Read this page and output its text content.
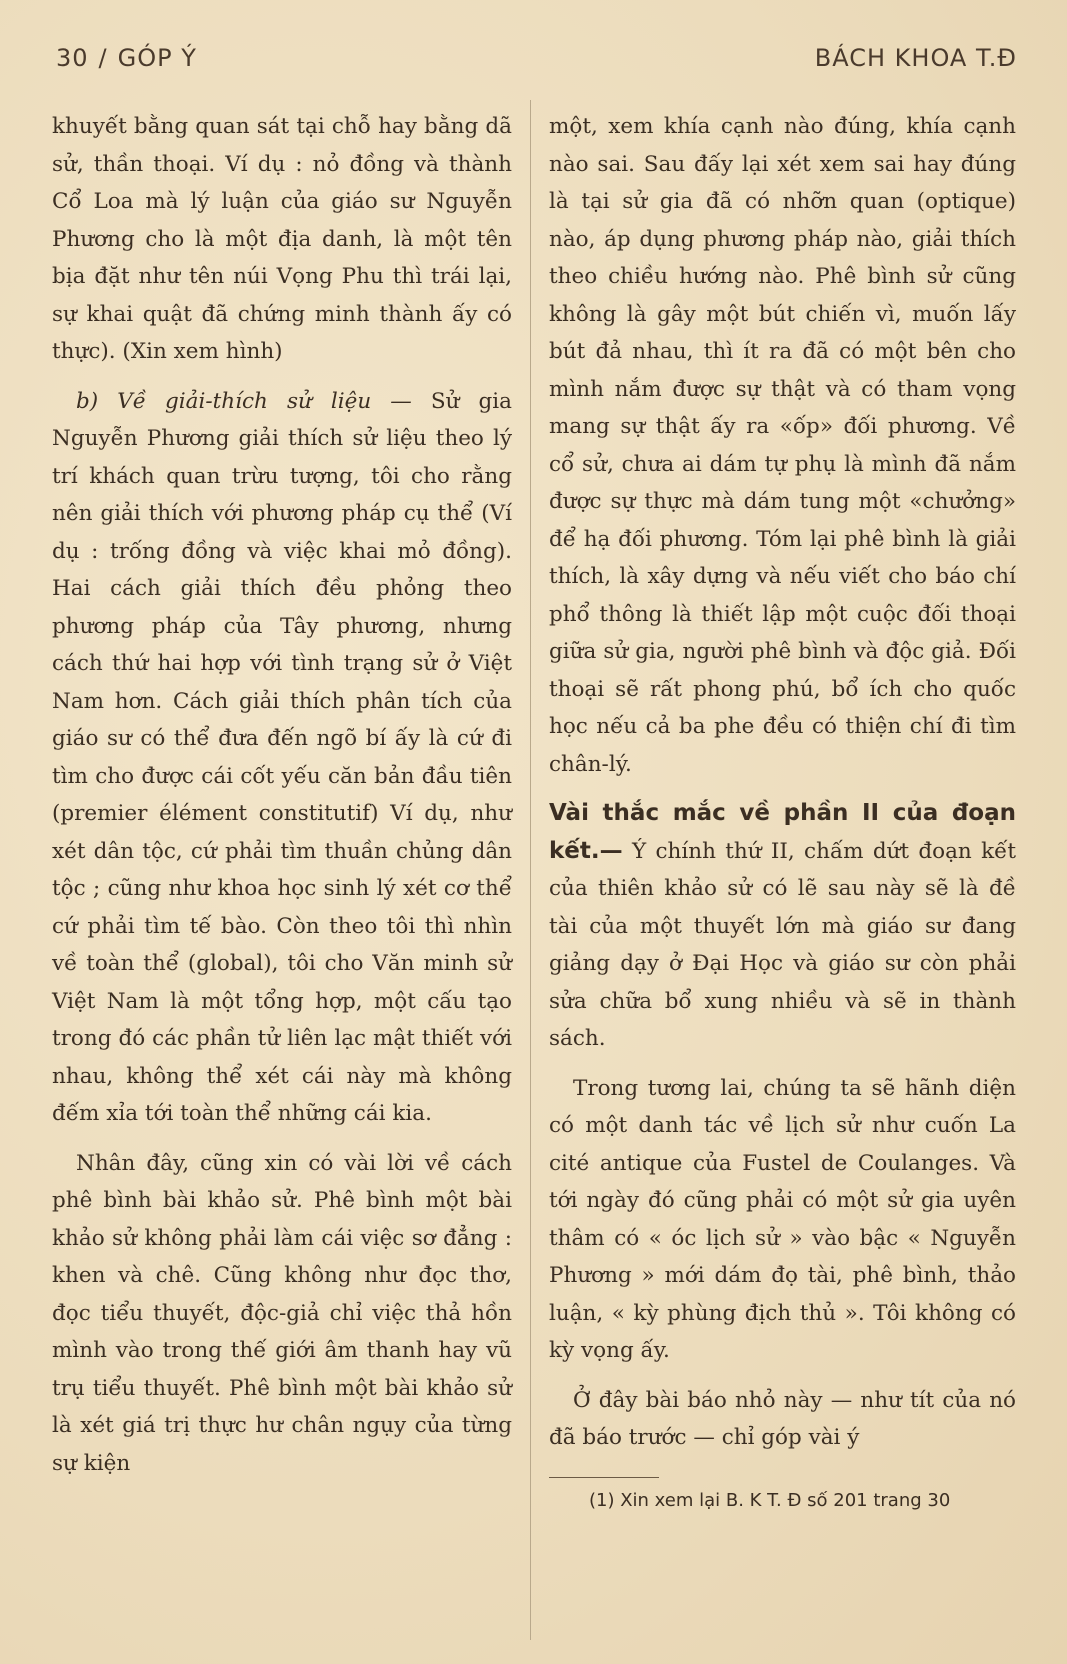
30 / GÓP Ý	BÁCH KHOA T.Đ

khuyết bằng quan sát tại chỗ hay bằng dã sử, thần thoại. Ví dụ : nỏ đồng và thành Cổ Loa mà lý luận của giáo sư Nguyễn Phương cho là một địa danh, là một tên bịa đặt như tên núi Vọng Phu thì trái lại, sự khai quật đã chứng minh thành ấy có thực). (Xin xem hình)

b) Về giải-thích sử liệu — Sử gia Nguyễn Phương giải thích sử liệu theo lý trí khách quan trừu tượng, tôi cho rằng nên giải thích với phương pháp cụ thể (Ví dụ : trống đồng và việc khai mỏ đồng). Hai cách giải thích đều phỏng theo phương pháp của Tây phương, nhưng cách thứ hai hợp với tình trạng sử ở Việt Nam hơn. Cách giải thích phân tích của giáo sư có thể đưa đến ngõ bí ấy là cứ đi tìm cho được cái cốt yếu căn bản đầu tiên (premier élément constitutif) Ví dụ, như xét dân tộc, cứ phải tìm thuần chủng dân tộc ; cũng như khoa học sinh lý xét cơ thể cứ phải tìm tế bào. Còn theo tôi thì nhìn về toàn thể (global), tôi cho Văn minh sử Việt Nam là một tổng hợp, một cấu tạo trong đó các phần tử liên lạc mật thiết với nhau, không thể xét cái này mà không đếm xỉa tới toàn thể những cái kia.

Nhân đây, cũng xin có vài lời về cách phê bình bài khảo sử. Phê bình một bài khảo sử không phải làm cái việc sơ đẳng : khen và chê. Cũng không như đọc thơ, đọc tiểu thuyết, độc-giả chỉ việc thả hồn mình vào trong thế giới âm thanh hay vũ trụ tiểu thuyết. Phê bình một bài khảo sử là xét giá trị thực hư chân ngụy của từng sự kiện

một, xem khía cạnh nào đúng, khía cạnh nào sai. Sau đấy lại xét xem sai hay đúng là tại sử gia đã có nhỡn quan (optique) nào, áp dụng phương pháp nào, giải thích theo chiều hướng nào. Phê bình sử cũng không là gây một bút chiến vì, muốn lấy bút đả nhau, thì ít ra đã có một bên cho mình nắm được sự thật và có tham vọng mang sự thật ấy ra «ốp» đối phương. Về cổ sử, chưa ai dám tự phụ là mình đã nắm được sự thực mà dám tung một «chưởng» để hạ đối phương. Tóm lại phê bình là giải thích, là xây dựng và nếu viết cho báo chí phổ thông là thiết lập một cuộc đối thoại giữa sử gia, người phê bình và độc giả. Đối thoại sẽ rất phong phú, bổ ích cho quốc học nếu cả ba phe đều có thiện chí đi tìm chân-lý.

Vài thắc mắc về phần II của đoạn kết.— Ý chính thứ II, chấm dứt đoạn kết của thiên khảo sử có lẽ sau này sẽ là đề tài của một thuyết lớn mà giáo sư đang giảng dạy ở Đại Học và giáo sư còn phải sửa chữa bổ xung nhiều và sẽ in thành sách.

Trong tương lai, chúng ta sẽ hãnh diện có một danh tác về lịch sử như cuốn La cité antique của Fustel de Coulanges. Và tới ngày đó cũng phải có một sử gia uyên thâm có « óc lịch sử » vào bậc « Nguyễn Phương » mới dám đọ tài, phê bình, thảo luận, « kỳ phùng địch thủ ». Tôi không có kỳ vọng ấy.

Ở đây bài báo nhỏ này — như tít của nó đã báo trước — chỉ góp vài ý

(1) Xin xem lại B. K T. Đ số 201 trang 30
